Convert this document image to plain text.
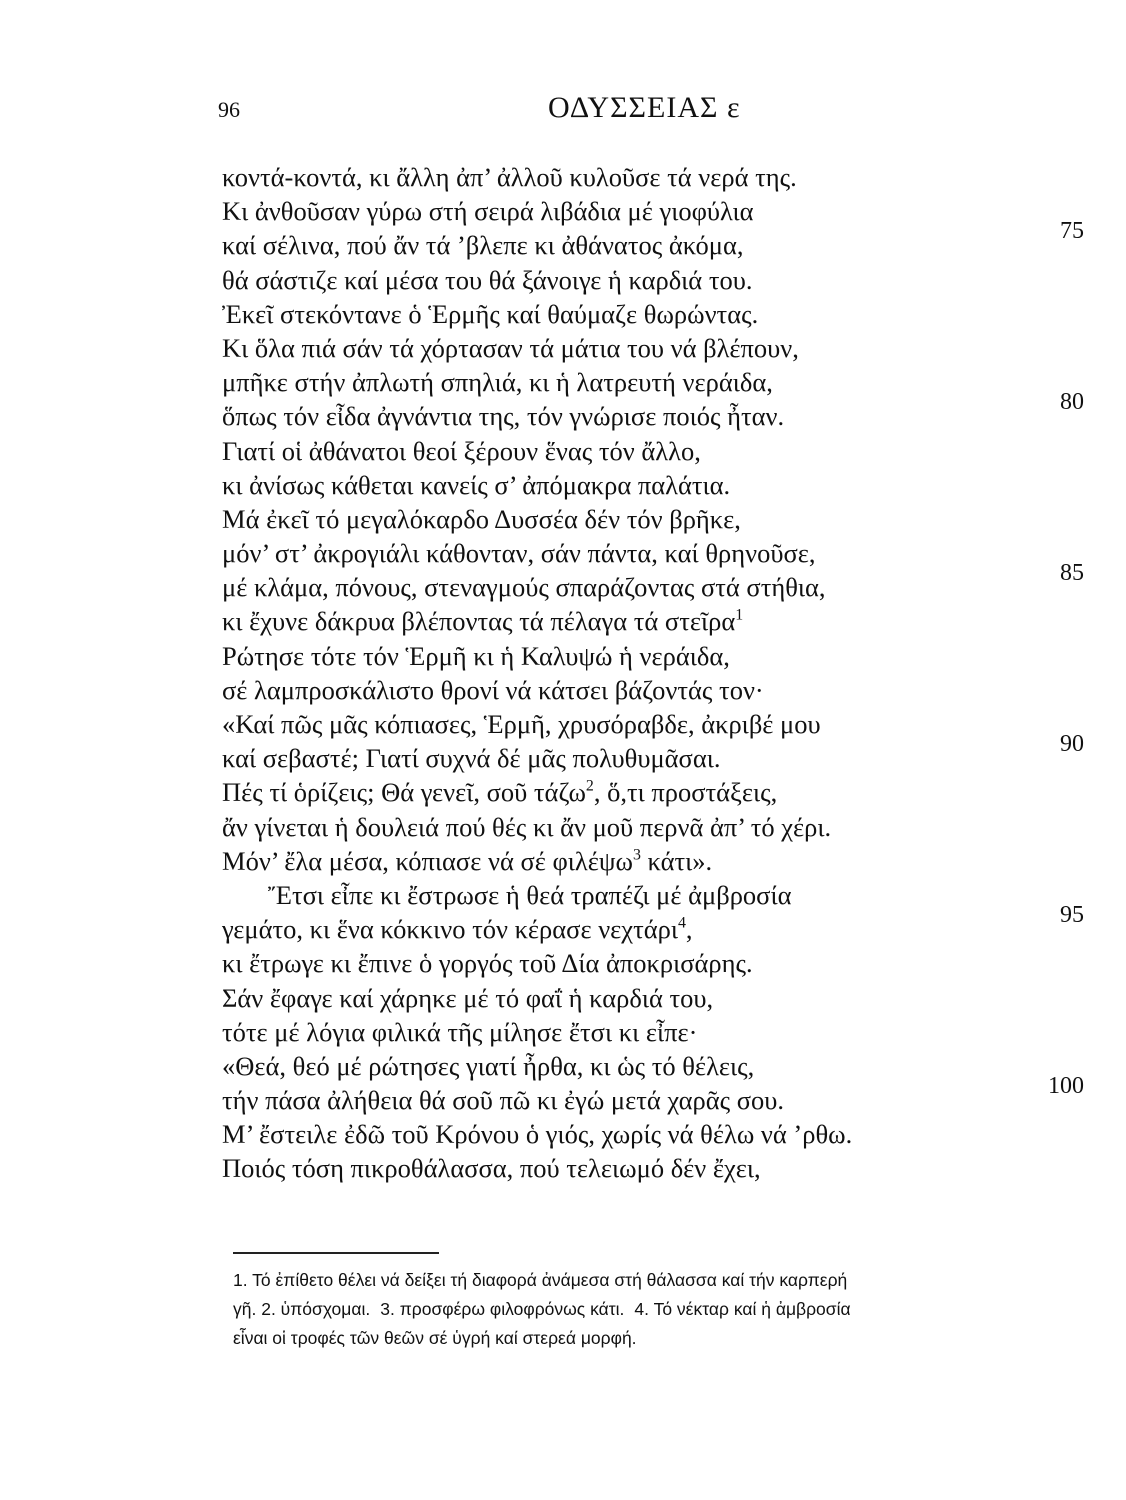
96	ΟΔΥΣΣΕΙΑΣ ε
κοντά-κοντά, κι ἄλλη ἀπ’ ἀλλοῦ κυλοῦσε τά νερά της.
Κι ἀνθοῦσαν γύρω στή σειρά λιβάδια μέ γιοφύλια
καί σέλινα, πού ἄν τά ’βλεπε κι ἀθάνατος ἀκόμα,	75
θά σάστιζε καί μέσα του θά ξάνοιγε ἡ καρδιά του.
Ἐκεῖ στεκόντανε ὁ Ἑρμῆς καί θαύμαζε θωρώντας.
Κι ὅλα πιά σάν τά χόρτασαν τά μάτια του νά βλέπουν,
μπῆκε στήν ἀπλωτή σπηλιά, κι ἡ λατρευτή νεράιδα,
ὅπως τόν εἶδα ἀγνάντια της, τόν γνώρισε ποιός ἦταν.	80
Γιατί οἱ ἀθάνατοι θεοί ξέρουν ἕνας τόν ἄλλο,
κι ἀνίσως κάθεται κανείς σ’ ἀπόμακρα παλάτια.
Μά ἐκεῖ τό μεγαλόκαρδο Δυσσέα δέν τόν βρῆκε,
μόν’ στ’ ἀκρογιάλι κάθονταν, σάν πάντα, καί θρηνοῦσε,
μέ κλάμα, πόνους, στεναγμούς σπαράζοντας στά στήθια,	85
κι ἔχυνε δάκρυα βλέποντας τά πέλαγα τά στεῖρα$^1$
Ρώτησε τότε τόν Ἑρμῆ κι ἡ Καλυψώ ἡ νεράιδα,
σέ λαμπροσκάλιστο θρονί νά κάτσει βάζοντάς τον·
«Καί πῶς μᾶς κόπιασες, Ἑρμῆ, χρυσόραβδε, ἀκριβέ μου
καί σεβαστέ; Γιατί συχνά δέ μᾶς πολυθυμᾶσαι.	90
Πές τί ὁρίζεις; Θά γενεῖ, σοῦ τάζω$^2$, ὅ,τι προστάξεις,
ἄν γίνεται ἡ δουλειά πού θές κι ἄν μοῦ περνᾶ ἀπ’ τό χέρι.
Μόν’ ἔλα μέσα, κόπιασε νά σέ φιλέψω$^3$ κάτι».
Ἔτσι εἶπε κι ἔστρωσε ἡ θεά τραπέζι μέ ἀμβροσία
γεμάτο, κι ἕνα κόκκινο τόν κέρασε νεχτάρι$^4$,	95
κι ἔτρωγε κι ἔπινε ὁ γοργός τοῦ Δία ἀποκρισάρης.
Σάν ἔφαγε καί χάρηκε μέ τό φαΐ ἡ καρδιά του,
τότε μέ λόγια φιλικά τῆς μίλησε ἔτσι κι εἶπε·
«Θεά, θεό μέ ρώτησες γιατί ἦρθα, κι ὡς τό θέλεις,
τήν πάσα ἀλήθεια θά σοῦ πῶ κι ἐγώ μετά χαρᾶς σου.	100
Μ’ ἔστειλε ἐδῶ τοῦ Κρόνου ὁ γιός, χωρίς νά θέλω νά ’ρθω.
Ποιός τόση πικροθάλασσα, πού τελειωμό δέν ἔχει,

1. Τό ἐπίθετο θέλει νά δείξει τή διαφορά ἀνάμεσα στή θάλασσα καί τήν καρπερή

γῆ. 2. ὑπόσχομαι. 3. προσφέρω φιλοφρόνως κάτι. 4. Τό νέκταρ καί ἡ ἀμβροσία

εἶναι οἱ τροφές τῶν θεῶν σέ ὑγρή καί στερεά μορφή.
